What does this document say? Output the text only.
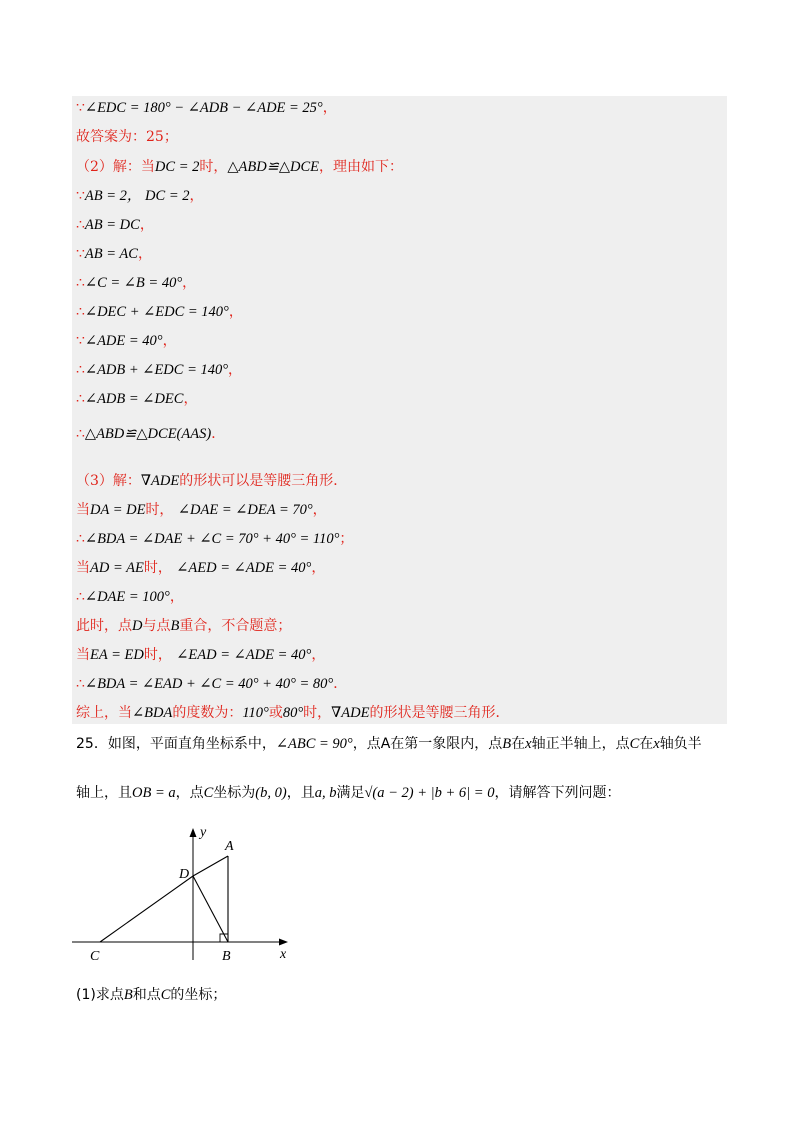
∵∠EDC = 180° − ∠ADB − ∠ADE = 25°，
故答案为：25；
（2）解：当DC = 2时，△ABD≌△DCE，理由如下：
∵AB = 2， DC = 2，
∴AB = DC，
∵AB = AC，
∴∠C = ∠B = 40°，
∴∠DEC + ∠EDC = 140°，
∵∠ADE = 40°，
∴∠ADB + ∠EDC = 140°，
∴∠ADB = ∠DEC，
∴△ABD≌△DCE(AAS)．
（3）解：∇ADE的形状可以是等腰三角形．
当DA = DE时， ∠DAE = ∠DEA = 70°，
∴∠BDA = ∠DAE + ∠C = 70° + 40° = 110°；
当AD = AE时， ∠AED = ∠ADE = 40°，
∴∠DAE = 100°，
此时，点D与点B重合，不合题意；
当EA = ED时， ∠EAD = ∠ADE = 40°，
∴∠BDA = ∠EAD + ∠C = 40° + 40° = 80°．
综上，当∠BDA的度数为：110°或80°时，∇ADE的形状是等腰三角形．
25．如图，平面直角坐标系中，∠ABC = 90°，点A在第一象限内，点B在x轴正半轴上，点C在x轴负半
轴上，且OB = a，点C坐标为(b, 0)，且a, b满足√(a − 2) + |b + 6| = 0，请解答下列问题：
y
A
D
C	B	x
(1)求点B和点C的坐标；
